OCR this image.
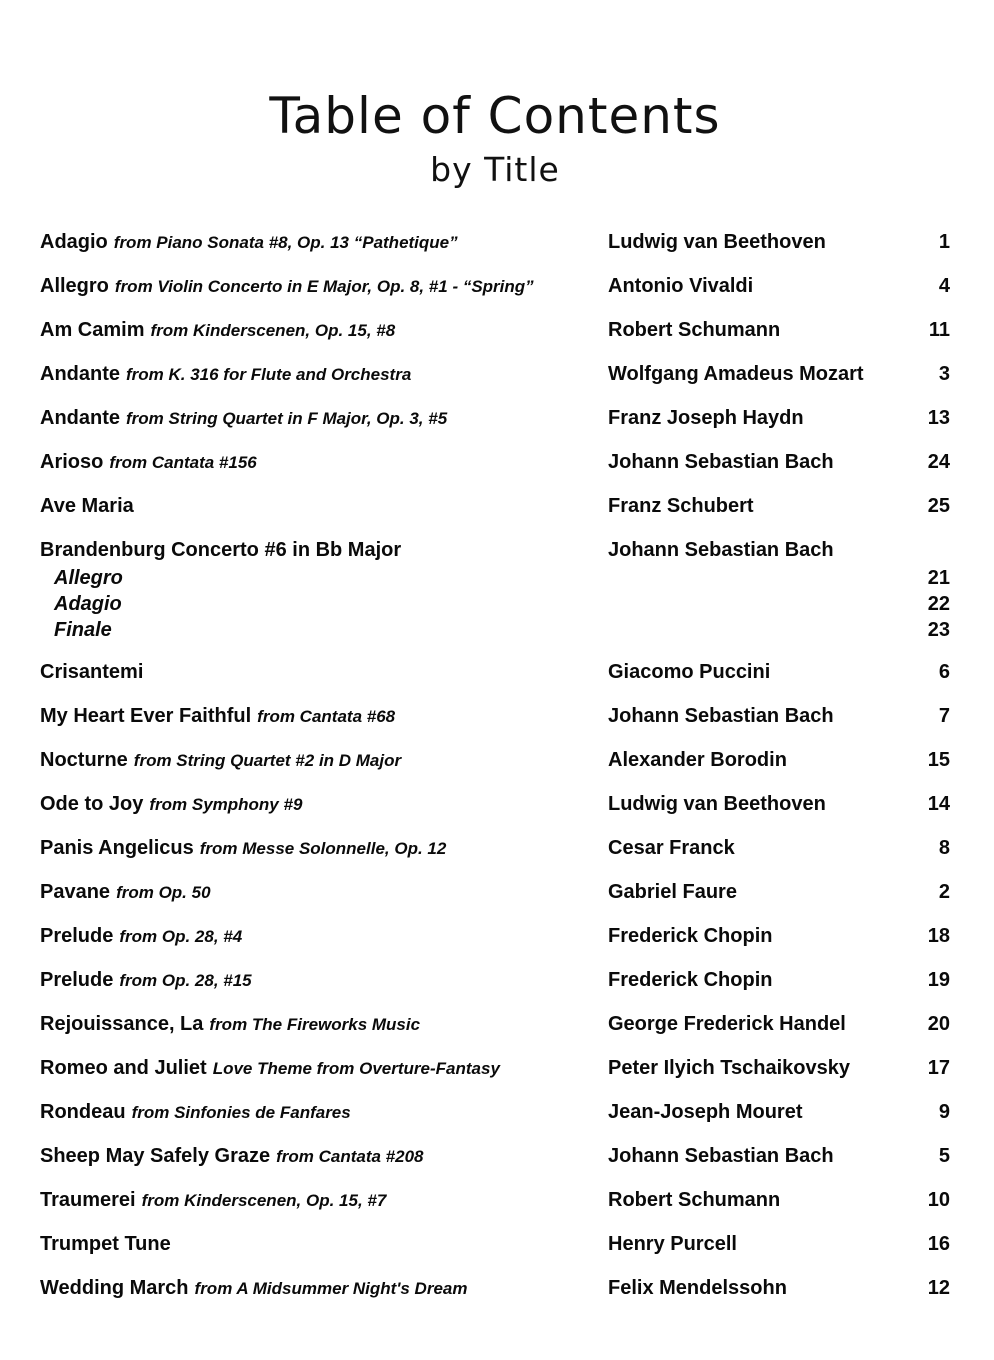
Table of Contents
by Title
Adagio from Piano Sonata #8, Op. 13 “Pathetique”	Ludwig van Beethoven	1
Allegro from Violin Concerto in E Major, Op. 8, #1 - “Spring”	Antonio Vivaldi	4
Am Camim from Kinderscenen, Op. 15, #8	Robert Schumann	11
Andante from K. 316 for Flute and Orchestra	Wolfgang Amadeus Mozart	3
Andante from String Quartet in F Major, Op. 3, #5	Franz Joseph Haydn	13
Arioso from Cantata #156	Johann Sebastian Bach	24
Ave Maria	Franz Schubert	25
Brandenburg Concerto #6 in Bb Major	Johann Sebastian Bach
Allegro	21
Adagio	22
Finale	23
Crisantemi	Giacomo Puccini	6
My Heart Ever Faithful from Cantata #68	Johann Sebastian Bach	7
Nocturne from String Quartet #2 in D Major	Alexander Borodin	15
Ode to Joy from Symphony #9	Ludwig van Beethoven	14
Panis Angelicus from Messe Solonnelle, Op. 12	Cesar Franck	8
Pavane from Op. 50	Gabriel Faure	2
Prelude from Op. 28, #4	Frederick Chopin	18
Prelude from Op. 28, #15	Frederick Chopin	19
Rejouissance, La from The Fireworks Music	George Frederick Handel	20
Romeo and Juliet Love Theme from Overture-Fantasy	Peter Ilyich Tschaikovsky	17
Rondeau from Sinfonies de Fanfares	Jean-Joseph Mouret	9
Sheep May Safely Graze from Cantata #208	Johann Sebastian Bach	5
Traumerei from Kinderscenen, Op. 15, #7	Robert Schumann	10
Trumpet Tune	Henry Purcell	16
Wedding March from A Midsummer Night's Dream	Felix Mendelssohn	12
